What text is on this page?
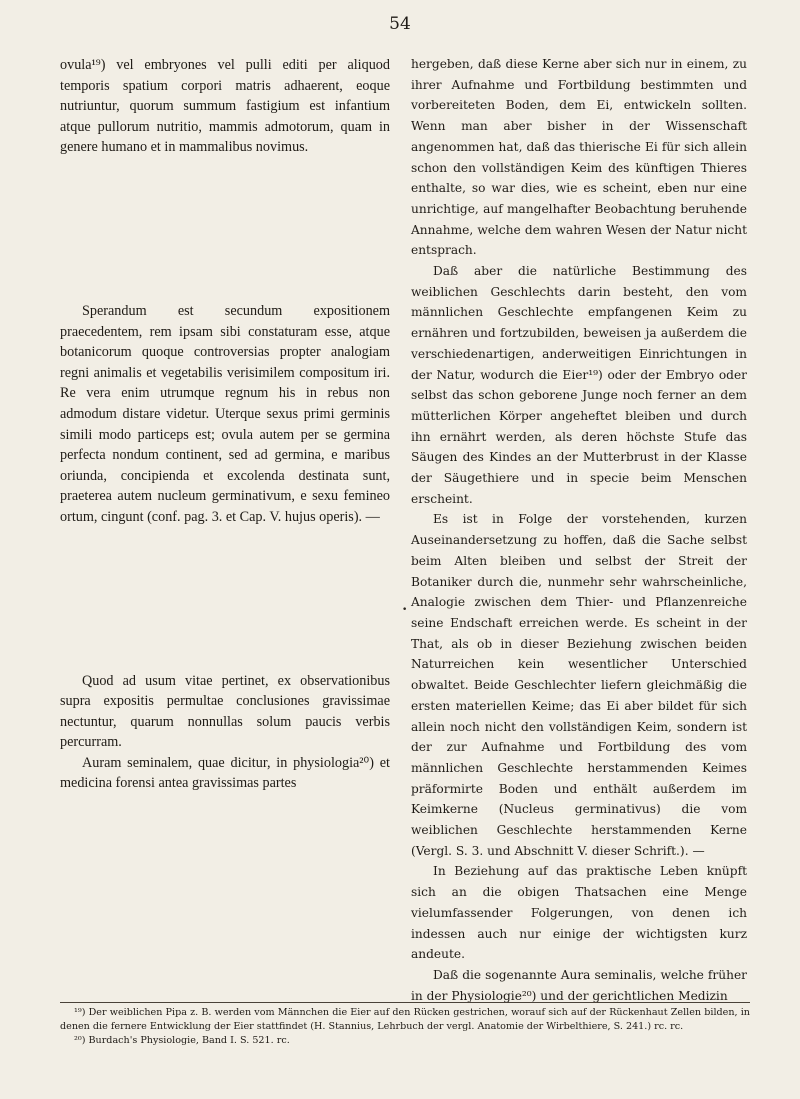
54

ovula¹⁹) vel embryones vel pulli editi per aliquod temporis spatium corpori matris adhaerent, eoque nutriuntur, quorum summum fastigium est infantium atque pullorum nutritio, mammis admotorum, quam in genere humano et in mammalibus novimus.

Sperandum est secundum expositionem praecedentem, rem ipsam sibi constaturam esse, atque botanicorum quoque controversias propter analogiam regni animalis et vegetabilis verisimilem compositum iri. Re vera enim utrumque regnum his in rebus non admodum distare videtur. Uterque sexus primi germinis simili modo particeps est; ovula autem per se germina perfecta nondum continent, sed ad germina, e maribus oriunda, concipienda et excolenda destinata sunt, praeterea autem nucleum germinativum, e sexu femineo ortum, cingunt (conf. pag. 3. et Cap. V. hujus operis). —

Quod ad usum vitae pertinet, ex observationibus supra expositis permultae conclusiones gravissimae nectuntur, quarum nonnullas solum paucis verbis percurram.

Auram seminalem, quae dicitur, in physiologia²⁰) et medicina forensi antea gravissimas partes

•

hergeben, daß diese Kerne aber sich nur in einem, zu ihrer Aufnahme und Fortbildung bestimmten und vorbereiteten Boden, dem Ei, entwickeln sollten. Wenn man aber bisher in der Wissenschaft angenommen hat, daß das thierische Ei für sich allein schon den vollständigen Keim des künftigen Thieres enthalte, so war dies, wie es scheint, eben nur eine unrichtige, auf mangelhafter Beobachtung beruhende Annahme, welche dem wahren Wesen der Natur nicht entsprach.

Daß aber die natürliche Bestimmung des weiblichen Geschlechts darin besteht, den vom männlichen Geschlechte empfangenen Keim zu ernähren und fortzubilden, beweisen ja außerdem die verschiedenartigen, anderweitigen Einrichtungen in der Natur, wodurch die Eier¹⁹) oder der Embryo oder selbst das schon geborene Junge noch ferner an dem mütterlichen Körper angeheftet bleiben und durch ihn ernährt werden, als deren höchste Stufe das Säugen des Kindes an der Mutterbrust in der Klasse der Säugethiere und in specie beim Menschen erscheint.

Es ist in Folge der vorstehenden, kurzen Auseinandersetzung zu hoffen, daß die Sache selbst beim Alten bleiben und selbst der Streit der Botaniker durch die, nunmehr sehr wahrscheinliche, Analogie zwischen dem Thier- und Pflanzenreiche seine Endschaft erreichen werde. Es scheint in der That, als ob in dieser Beziehung zwischen beiden Naturreichen kein wesentlicher Unterschied obwaltet. Beide Geschlechter liefern gleichmäßig die ersten materiellen Keime; das Ei aber bildet für sich allein noch nicht den vollständigen Keim, sondern ist der zur Aufnahme und Fortbildung des vom männlichen Geschlechte herstammenden Keimes präformirte Boden und enthält außerdem im Keimkerne (Nucleus germinativus) die vom weiblichen Geschlechte herstammenden Kerne (Vergl. S. 3. und Abschnitt V. dieser Schrift.). —

In Beziehung auf das praktische Leben knüpft sich an die obigen Thatsachen eine Menge vielumfassender Folgerungen, von denen ich indessen auch nur einige der wichtigsten kurz andeute.

Daß die sogenannte Aura seminalis, welche früher in der Physiologie²⁰) und der gerichtlichen Medizin

¹⁹) Der weiblichen Pipa z. B. werden vom Männchen die Eier auf den Rücken gestrichen, worauf sich auf der Rückenhaut Zellen bilden, in denen die fernere Entwicklung der Eier stattfindet (H. Stannius, Lehrbuch der vergl. Anatomie der Wirbelthiere, S. 241.) rc. rc.

²⁰) Burdach's Physiologie, Band I. S. 521. rc.
